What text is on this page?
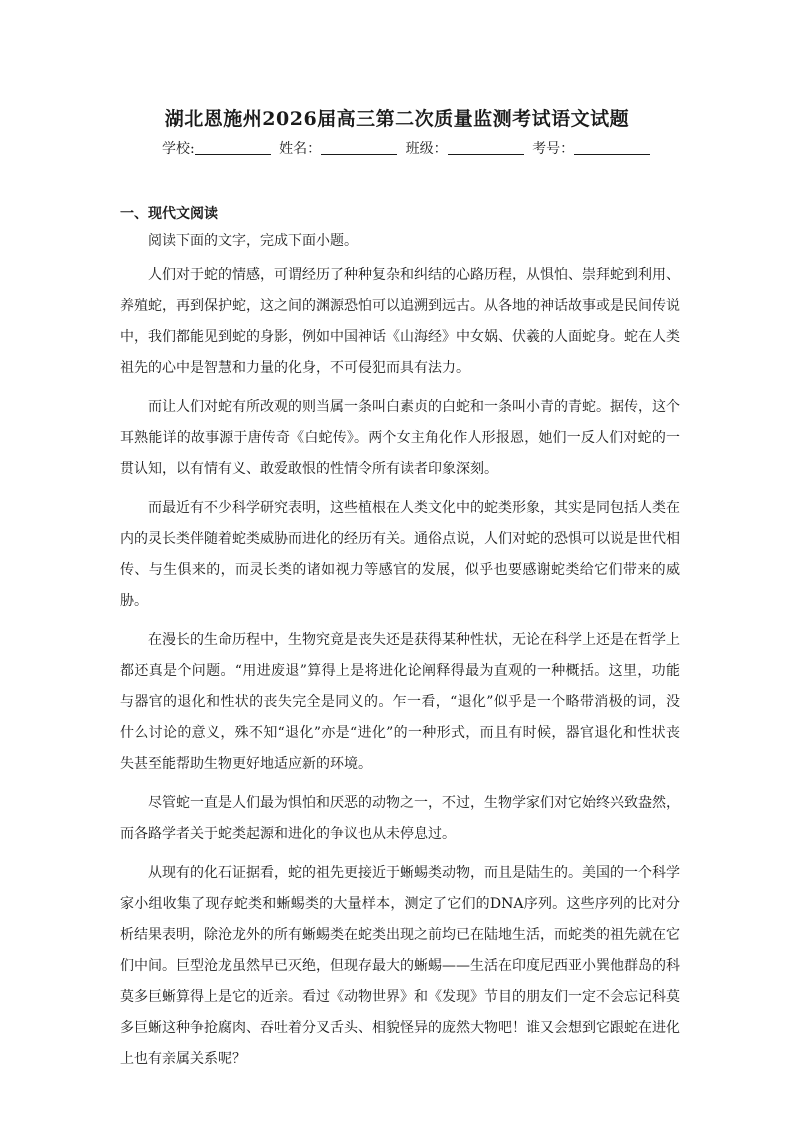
湖北恩施州2026届高三第二次质量监测考试语文试题
学校:	姓名：	班级：	考号：
一、现代文阅读
阅读下面的文字，完成下面小题。

人们对于蛇的情感，可谓经历了种种复杂和纠结的心路历程，从惧怕、崇拜蛇到利用、养殖蛇，再到保护蛇，这之间的渊源恐怕可以追溯到远古。从各地的神话故事或是民间传说中，我们都能见到蛇的身影，例如中国神话《山海经》中女娲、伏羲的人面蛇身。蛇在人类祖先的心中是智慧和力量的化身，不可侵犯而具有法力。

而让人们对蛇有所改观的则当属一条叫白素贞的白蛇和一条叫小青的青蛇。据传，这个耳熟能详的故事源于唐传奇《白蛇传》。两个女主角化作人形报恩，她们一反人们对蛇的一贯认知，以有情有义、敢爱敢恨的性情令所有读者印象深刻。

而最近有不少科学研究表明，这些植根在人类文化中的蛇类形象，其实是同包括人类在内的灵长类伴随着蛇类威胁而进化的经历有关。通俗点说，人们对蛇的恐惧可以说是世代相传、与生俱来的，而灵长类的诸如视力等感官的发展，似乎也要感谢蛇类给它们带来的威胁。

在漫长的生命历程中，生物究竟是丧失还是获得某种性状，无论在科学上还是在哲学上都还真是个问题。“用进废退”算得上是将进化论阐释得最为直观的一种概括。这里，功能与器官的退化和性状的丧失完全是同义的。乍一看，“退化”似乎是一个略带消极的词，没什么讨论的意义，殊不知“退化”亦是“进化”的一种形式，而且有时候，器官退化和性状丧失甚至能帮助生物更好地适应新的环境。

尽管蛇一直是人们最为惧怕和厌恶的动物之一，不过，生物学家们对它始终兴致盎然，而各路学者关于蛇类起源和进化的争议也从未停息过。

从现有的化石证据看，蛇的祖先更接近于蜥蜴类动物，而且是陆生的。美国的一个科学家小组收集了现存蛇类和蜥蜴类的大量样本，测定了它们的DNA序列。这些序列的比对分析结果表明，除沧龙外的所有蜥蜴类在蛇类出现之前均已在陆地生活，而蛇类的祖先就在它们中间。巨型沧龙虽然早已灭绝，但现存最大的蜥蜴——生活在印度尼西亚小巽他群岛的科莫多巨蜥算得上是它的近亲。看过《动物世界》和《发现》节目的朋友们一定不会忘记科莫多巨蜥这种争抢腐肉、吞吐着分叉舌头、相貌怪异的庞然大物吧！谁又会想到它跟蛇在进化上也有亲属关系呢？
